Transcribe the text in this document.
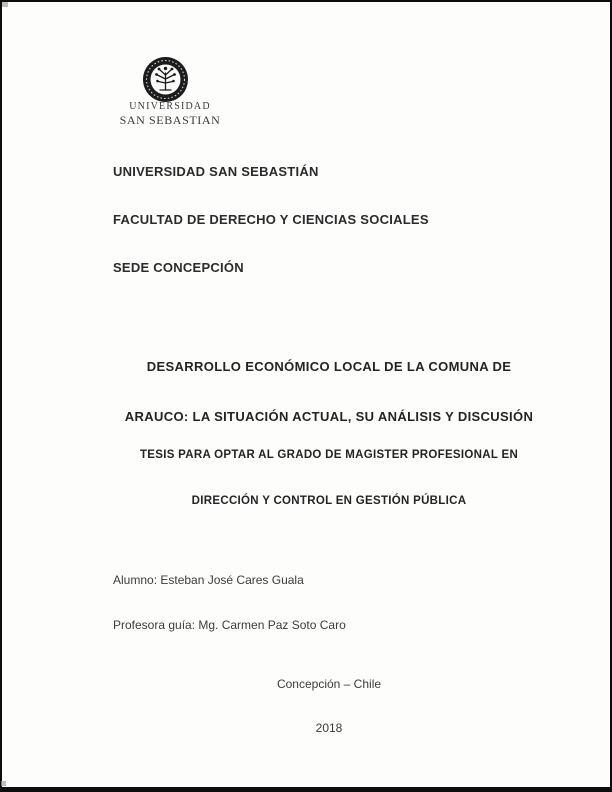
UNIVERSIDAD
SAN SEBASTIAN

UNIVERSIDAD SAN SEBASTIÁN

FACULTAD DE DERECHO Y CIENCIAS SOCIALES

SEDE CONCEPCIÓN

DESARROLLO ECONÓMICO LOCAL DE LA COMUNA DE

ARAUCO: LA SITUACIÓN ACTUAL, SU ANÁLISIS Y DISCUSIÓN

TESIS PARA OPTAR AL GRADO DE MAGISTER PROFESIONAL EN

DIRECCIÓN Y CONTROL EN GESTIÓN PÚBLICA

Alumno: Esteban José Cares Guala

Profesora guía: Mg. Carmen Paz Soto Caro

Concepción – Chile

2018
